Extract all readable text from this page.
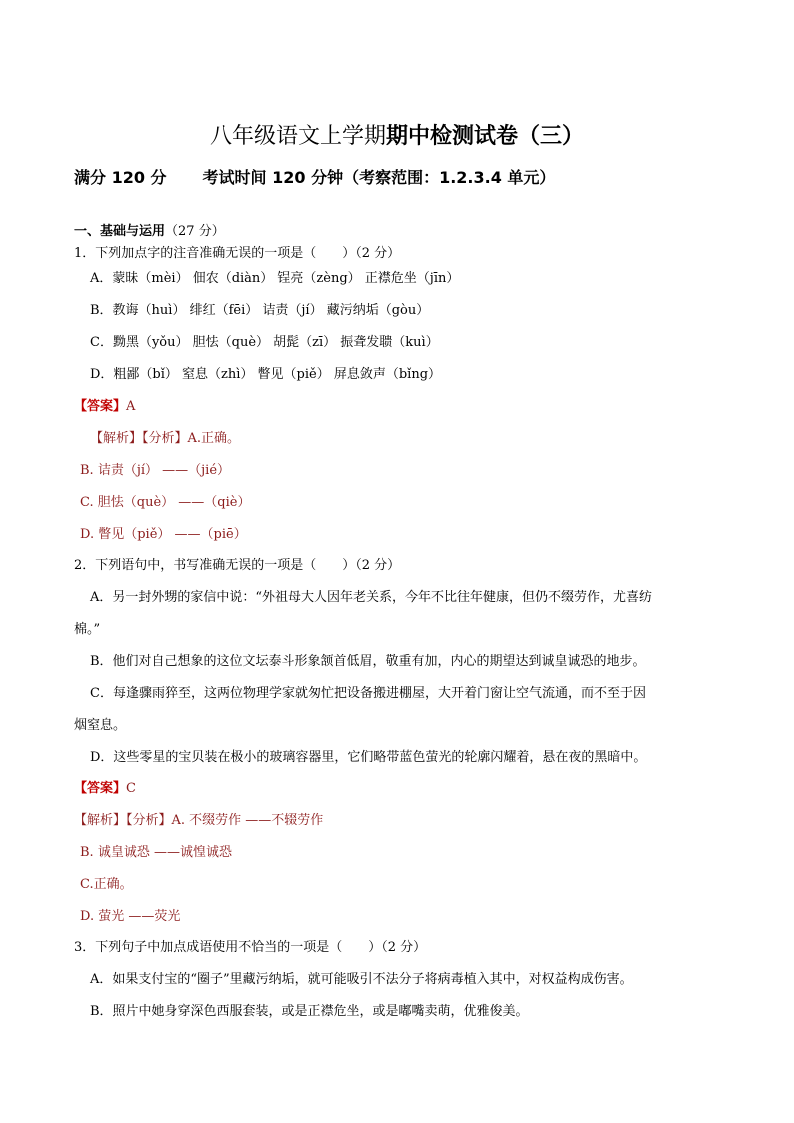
八年级语文上学期期中检测试卷（三）
满分 120 分 考试时间 120 分钟（考察范围：1.2.3.4 单元）
一、基础与运用（27 分）
1．下列加点字的注音准确无误的一项是（　　）（2 分）
A．蒙昧（mèi） 佃农（diàn） 锃亮（zèng） 正襟危坐（jīn）
B．教诲（huì） 绯红（fēi） 诘责（jí） 藏污纳垢（gòu）
C．黝黑（yǒu） 胆怯（què） 胡髭（zī） 振聋发聩（kuì）
D．粗鄙（bǐ） 窒息（zhì） 瞥见（piě） 屏息敛声（bǐng）
【答案】A
【解析】【分析】A.正确。
B. 诘责（jí） ——（jié）
C. 胆怯（què） ——（qiè）
D. 瞥见（piě） ——（piē）
2．下列语句中，书写准确无误的一项是（　　）（2 分）
A．另一封外甥的家信中说：“外祖母大人因年老关系，今年不比往年健康，但仍不缀劳作，尤喜纺
棉。”
B．他们对自己想象的这位文坛泰斗形象颔首低眉，敬重有加，内心的期望达到诚皇诚恐的地步。
C．每逢骤雨猝至，这两位物理学家就匆忙把设备搬进棚屋，大开着门窗让空气流通，而不至于因
烟窒息。
D．这些零星的宝贝装在极小的玻璃容器里，它们略带蓝色萤光的轮廓闪耀着，悬在夜的黑暗中。
【答案】C
【解析】【分析】A. 不缀劳作 ——不辍劳作
B. 诚皇诚恐 ——诚惶诚恐
C.正确。
D. 萤光 ——荧光
3．下列句子中加点成语使用不恰当的一项是（　　）（2 分）
A．如果支付宝的“圈子”里藏污纳垢，就可能吸引不法分子将病毒植入其中，对权益构成伤害。
B．照片中她身穿深色西服套装，或是正襟危坐，或是嘟嘴卖萌，优雅俊美。
